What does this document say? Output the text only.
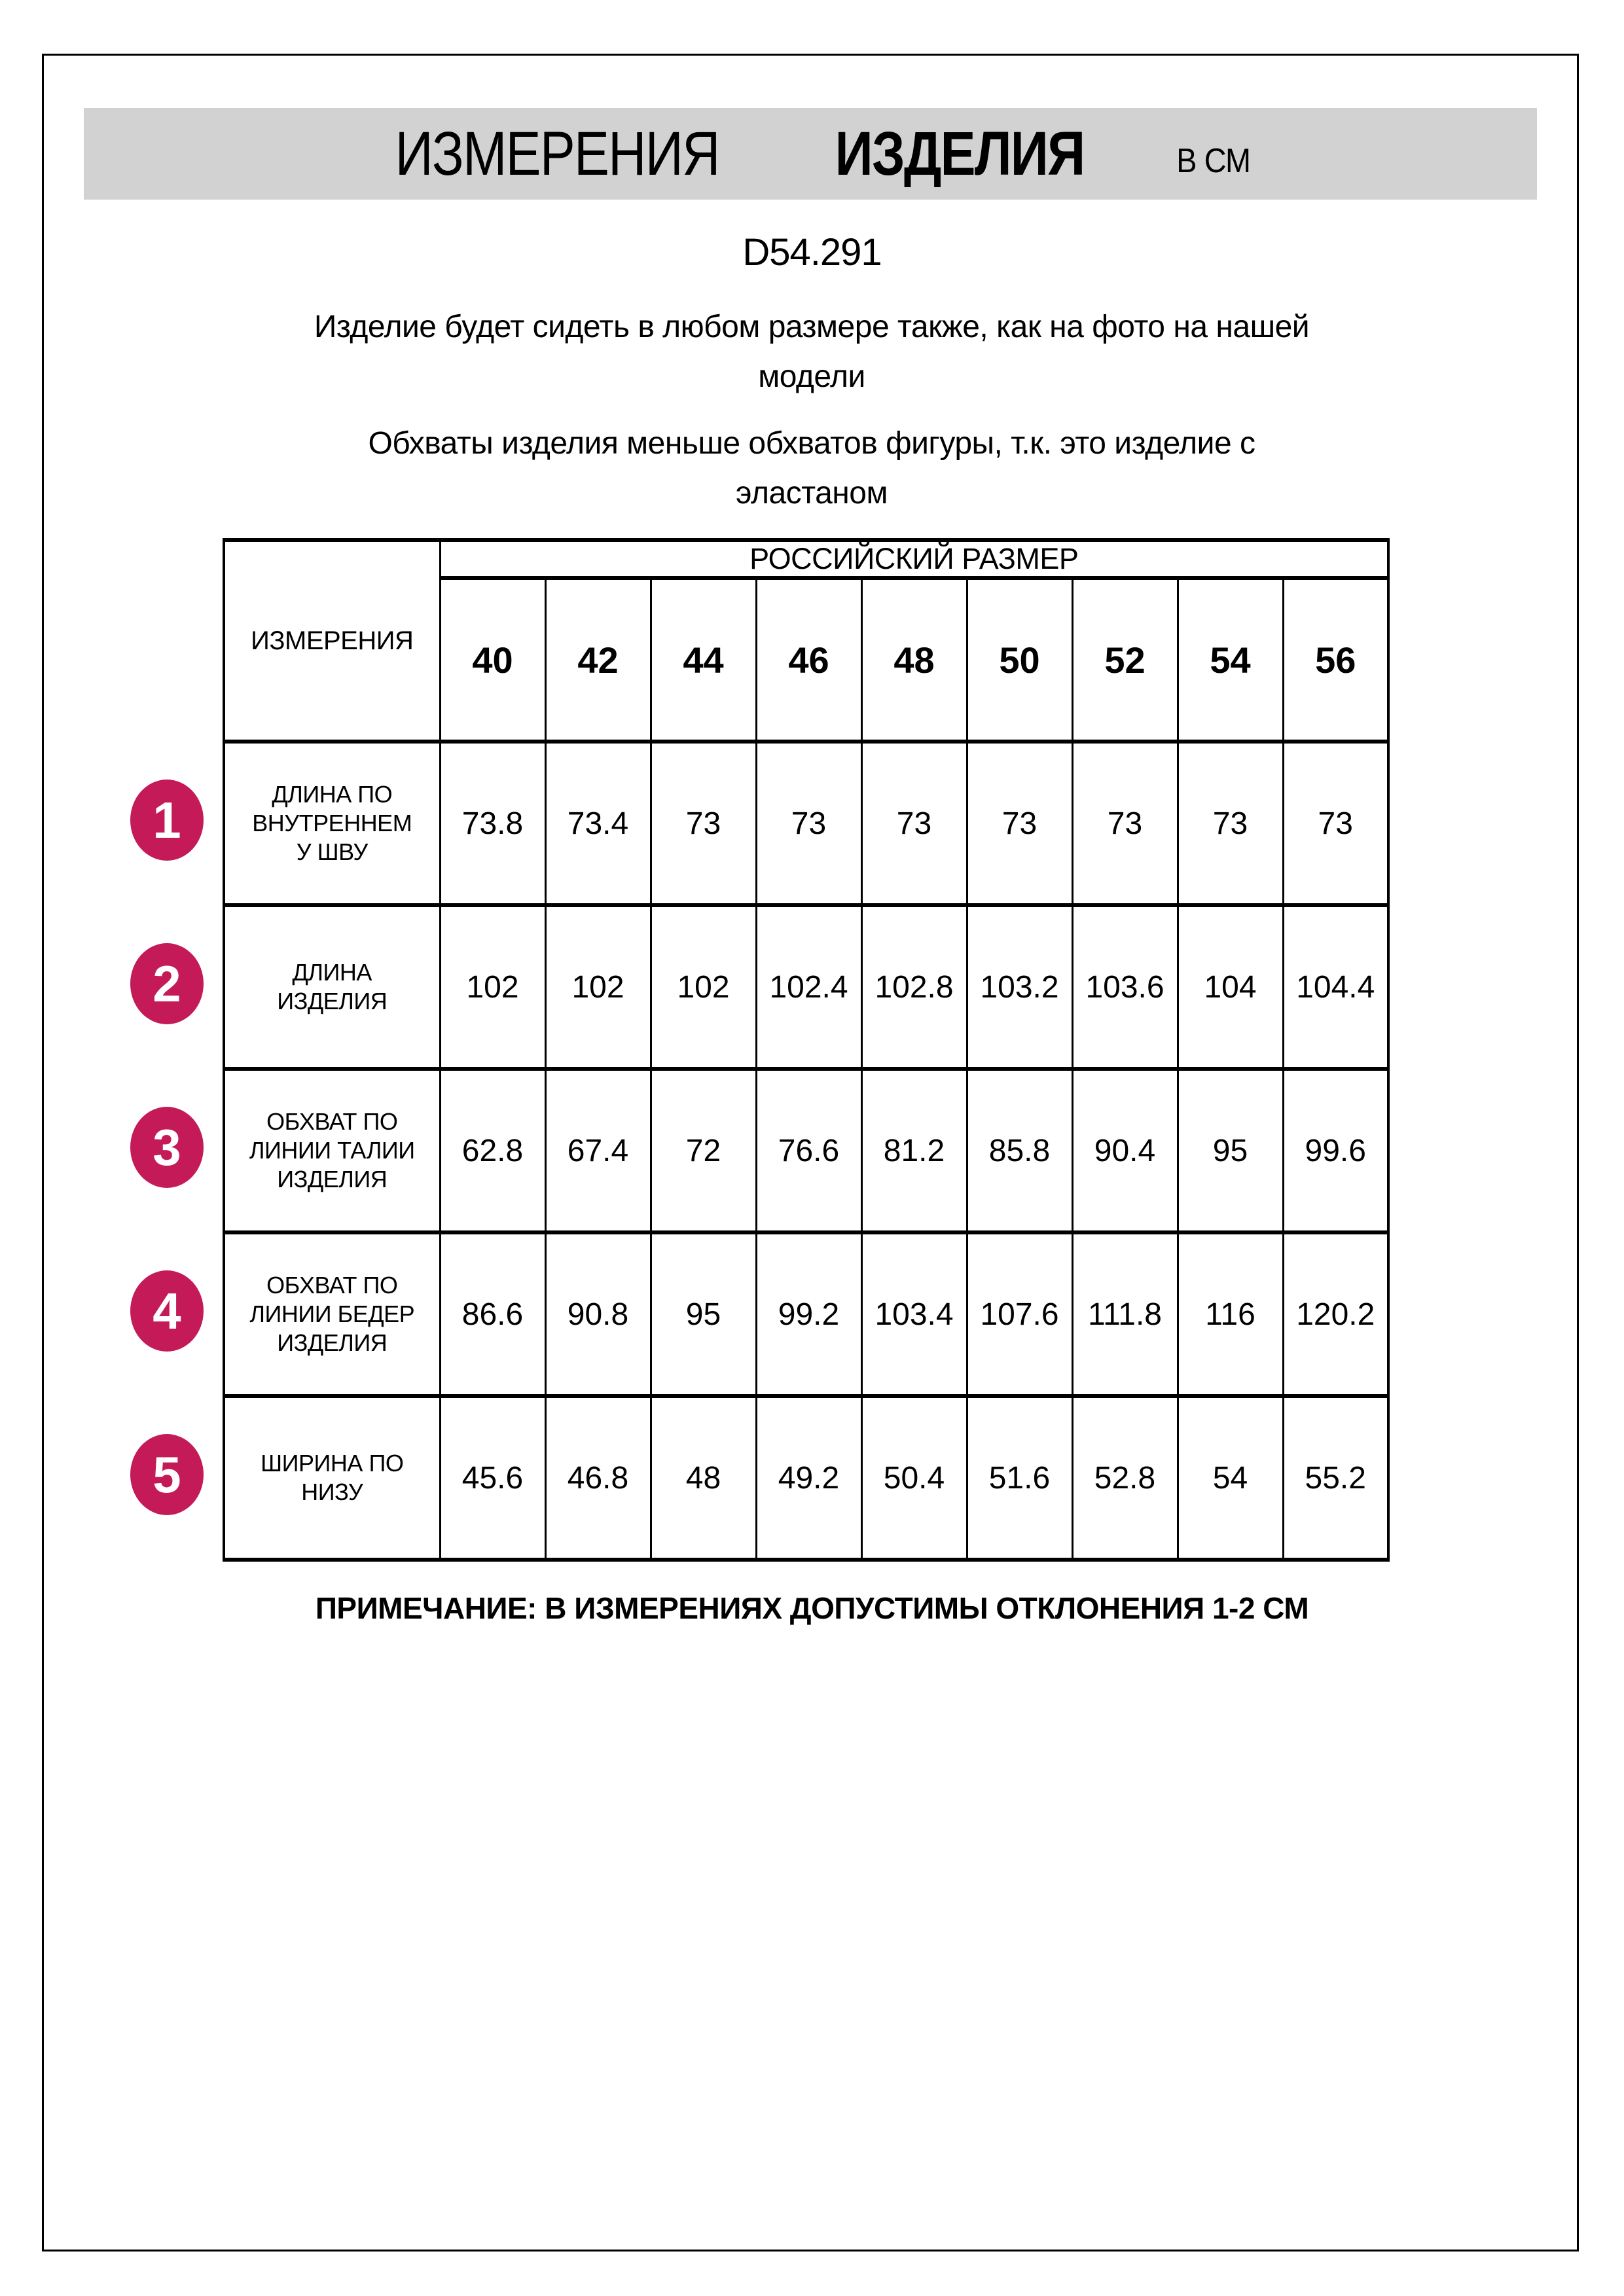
ИЗМЕРЕНИЯ ИЗДЕЛИЯ	В СМ
D54.291

Изделие будет сидеть в любом размере также, как на фото на нашей модели

Обхваты изделия меньше обхватов фигуры, т.к. это изделие с эластаном

ИЗМЕРЕНИЯ	РОССИЙСКИЙ РАЗМЕР								
	40	42	44	46	48	50	52	54	56
ДЛИНА ПО ВНУТРЕННЕМ У ШВУ	73.8	73.4	73	73	73	73	73	73	73
ДЛИНА ИЗДЕЛИЯ	102	102	102	102.4	102.8	103.2	103.6	104	104.4
ОБХВАТ ПО ЛИНИИ ТАЛИИ ИЗДЕЛИЯ	62.8	67.4	72	76.6	81.2	85.8	90.4	95	99.6
ОБХВАТ ПО ЛИНИИ БЕДЕР ИЗДЕЛИЯ	86.6	90.8	95	99.2	103.4	107.6	111.8	116	120.2
ШИРИНА ПО НИЗУ	45.6	46.8	48	49.2	50.4	51.6	52.8	54	55.2
1
2
3
4
5
ПРИМЕЧАНИЕ: В ИЗМЕРЕНИЯХ ДОПУСТИМЫ ОТКЛОНЕНИЯ 1-2 СМ
